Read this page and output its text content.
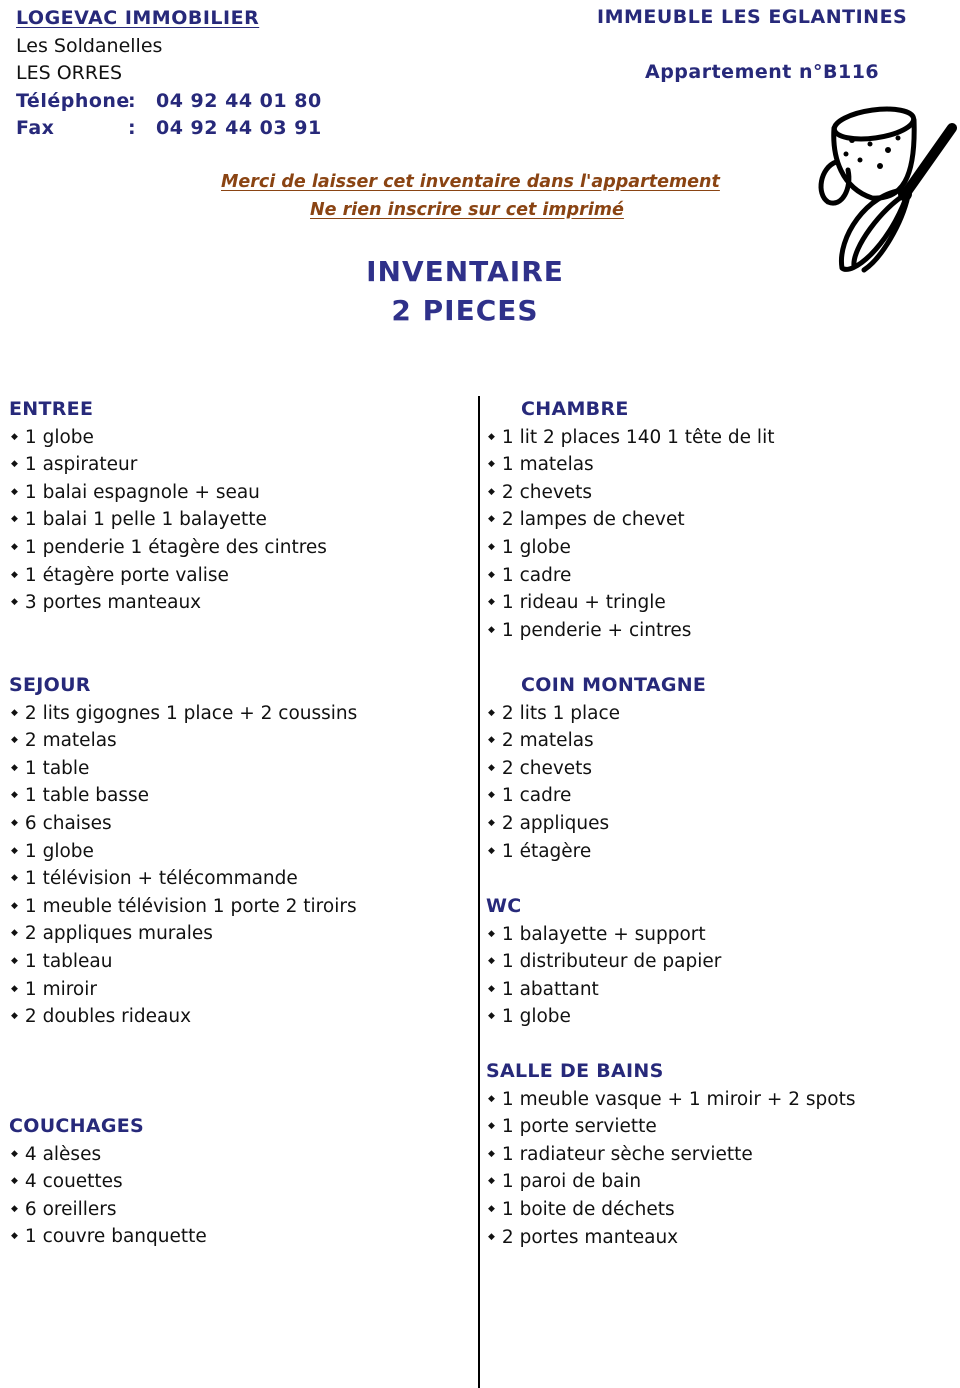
LOGEVAC IMMOBILIER
Les Soldanelles
LES ORRES
Téléphone
: 04 92 44 01 80
Fax	: 04 92 44 03 91
IMMEUBLE LES EGLANTINES
Appartement n°B116
Merci de laisser cet inventaire dans l'appartement
Ne rien inscrire sur cet imprimé
INVENTAIRE
2 PIECES
ENTREE
◆ 1 globe
◆ 1 aspirateur
◆ 1 balai espagnole + seau
◆ 1 balai 1 pelle 1 balayette
◆ 1 penderie 1 étagère des cintres
◆ 1 étagère porte valise
◆ 3 portes manteaux
SEJOUR
◆ 2 lits gigognes 1 place + 2 coussins
◆ 2 matelas
◆ 1 table
◆ 1 table basse
◆ 6 chaises
◆ 1 globe
◆ 1 télévision + télécommande
◆ 1 meuble télévision 1 porte 2 tiroirs
◆ 2 appliques murales
◆ 1 tableau
◆ 1 miroir
◆ 2 doubles rideaux
COUCHAGES
◆ 4 alèses
◆ 4 couettes
◆ 6 oreillers
◆ 1 couvre banquette
CHAMBRE
◆ 1 lit 2 places 140 1 tête de lit
◆ 1 matelas
◆ 2 chevets
◆ 2 lampes de chevet
◆ 1 globe
◆ 1 cadre
◆ 1 rideau + tringle
◆ 1 penderie + cintres
COIN MONTAGNE
◆ 2 lits 1 place
◆ 2 matelas
◆ 2 chevets
◆ 1 cadre
◆ 2 appliques
◆ 1 étagère
WC
◆ 1 balayette + support
◆ 1 distributeur de papier
◆ 1 abattant
◆ 1 globe
SALLE DE BAINS
◆ 1 meuble vasque + 1 miroir + 2 spots
◆ 1 porte serviette
◆ 1 radiateur sèche serviette
◆ 1 paroi de bain
◆ 1 boite de déchets
◆ 2 portes manteaux
